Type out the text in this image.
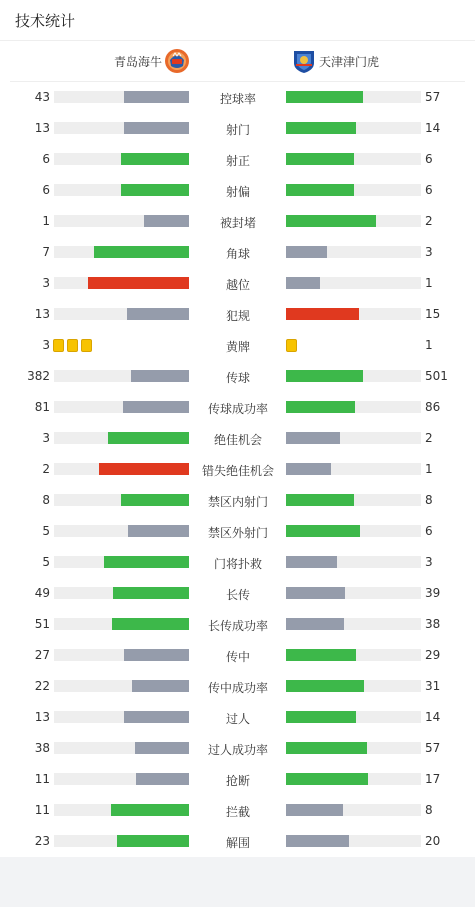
技术统计
青岛海牛	天津津门虎
43	控球率	57
13	射门	14
6	射正	6
6	射偏	6
1	被封堵	2
7	角球	3
3	越位	1
13	犯规	15
3	黄牌	1
382	传球	501
81	传球成功率	86
3	绝佳机会	2
2	错失绝佳机会	1
8	禁区内射门	8
5	禁区外射门	6
5	门将扑救	3
49	长传	39
51	长传成功率	38
27	传中	29
22	传中成功率	31
13	过人	14
38	过人成功率	57
11	抢断	17
11	拦截	8
23	解围	20
